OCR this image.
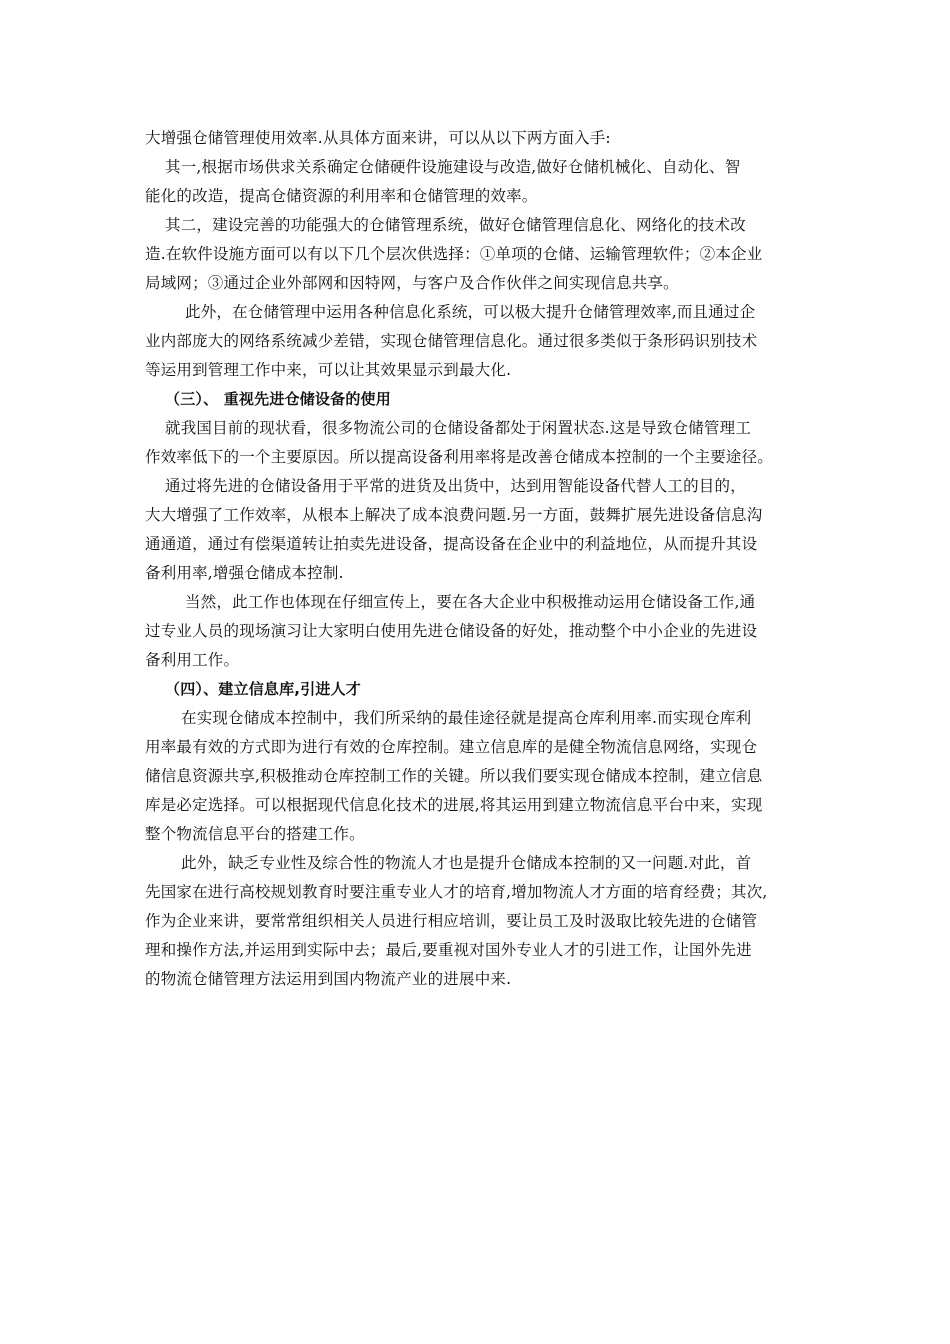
大增强仓储管理使用效率.从具体方面来讲，可以从以下两方面入手:
其一,根据市场供求关系确定仓储硬件设施建设与改造,做好仓储机械化、自动化、智
能化的改造，提高仓储资源的利用率和仓储管理的效率。
其二，建设完善的功能强大的仓储管理系统，做好仓储管理信息化、网络化的技术改
造.在软件设施方面可以有以下几个层次供选择：①单项的仓储、运输管理软件；②本企业
局域网；③通过企业外部网和因特网，与客户及合作伙伴之间实现信息共享。
此外，在仓储管理中运用各种信息化系统，可以极大提升仓储管理效率,而且通过企
业内部庞大的网络系统减少差错，实现仓储管理信息化。通过很多类似于条形码识别技术
等运用到管理工作中来，可以让其效果显示到最大化.
（三）、 重视先进仓储设备的使用
就我国目前的现状看，很多物流公司的仓储设备都处于闲置状态.这是导致仓储管理工
作效率低下的一个主要原因。所以提高设备利用率将是改善仓储成本控制的一个主要途径。
通过将先进的仓储设备用于平常的进货及出货中，达到用智能设备代替人工的目的，
大大增强了工作效率，从根本上解决了成本浪费问题.另一方面，鼓舞扩展先进设备信息沟
通通道，通过有偿渠道转让拍卖先进设备，提高设备在企业中的利益地位，从而提升其设
备利用率,增强仓储成本控制.
当然，此工作也体现在仔细宣传上，要在各大企业中积极推动运用仓储设备工作,通
过专业人员的现场演习让大家明白使用先进仓储设备的好处，推动整个中小企业的先进设
备利用工作。
（四）、建立信息库,引进人才
在实现仓储成本控制中，我们所采纳的最佳途径就是提高仓库利用率.而实现仓库利
用率最有效的方式即为进行有效的仓库控制。建立信息库的是健全物流信息网络，实现仓
储信息资源共享,积极推动仓库控制工作的关键。所以我们要实现仓储成本控制，建立信息
库是必定选择。可以根据现代信息化技术的进展,将其运用到建立物流信息平台中来，实现
整个物流信息平台的搭建工作。
此外，缺乏专业性及综合性的物流人才也是提升仓储成本控制的又一问题.对此，首
先国家在进行高校规划教育时要注重专业人才的培育,增加物流人才方面的培育经费；其次,
作为企业来讲，要常常组织相关人员进行相应培训，要让员工及时汲取比较先进的仓储管
理和操作方法,并运用到实际中去；最后,要重视对国外专业人才的引进工作，让国外先进
的物流仓储管理方法运用到国内物流产业的进展中来.
